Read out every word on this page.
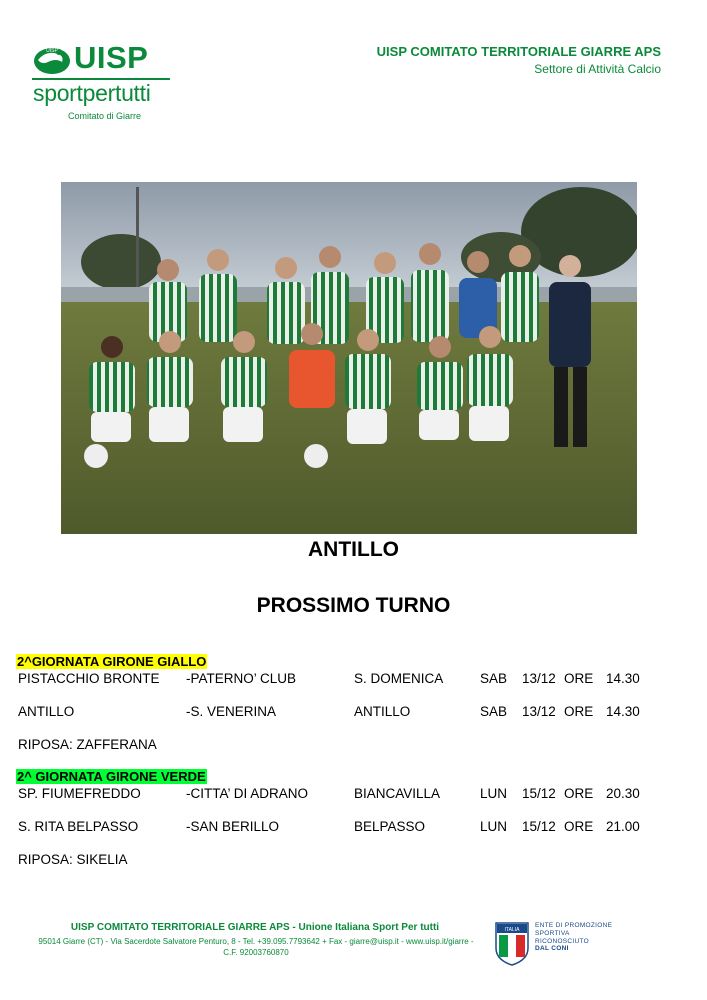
UISP UISP
sportpertutti
Comitato di Giarre
UISP COMITATO TERRITORIALE GIARRE APS
Settore di Attività Calcio
ANTILLO
PROSSIMO TURNO
2^GIORNATA GIRONE GIALLO
PISTACCHIO BRONTE -PATERNO’ CLUB	S. DOMENICA	SAB 13/12 ORE 14.30
ANTILLO	-S. VENERINA	ANTILLO	SAB 13/12 ORE 14.30
RIPOSA: ZAFFERANA
2^ GIORNATA GIRONE VERDE
SP. FIUMEFREDDO	-CITTA’ DI ADRANO	BIANCAVILLA	LUN 15/12 ORE 20.30
S. RITA BELPASSO	-SAN BERILLO	BELPASSO	LUN 15/12 ORE 21.00
RIPOSA: SIKELIA
UISP COMITATO TERRITORIALE GIARRE APS - Unione Italiana Sport Per tutti
95014 Giarre (CT) - Via Sacerdote Salvatore Penturo, 8 - Tel. +39.095.7793642 + Fax - giarre@uisp.it - www.uisp.it/giarre - C.F. 92003760870
ITALIA
ENTE DI PROMOZIONE
SPORTIVA
RICONOSCIUTO
DAL CONI
